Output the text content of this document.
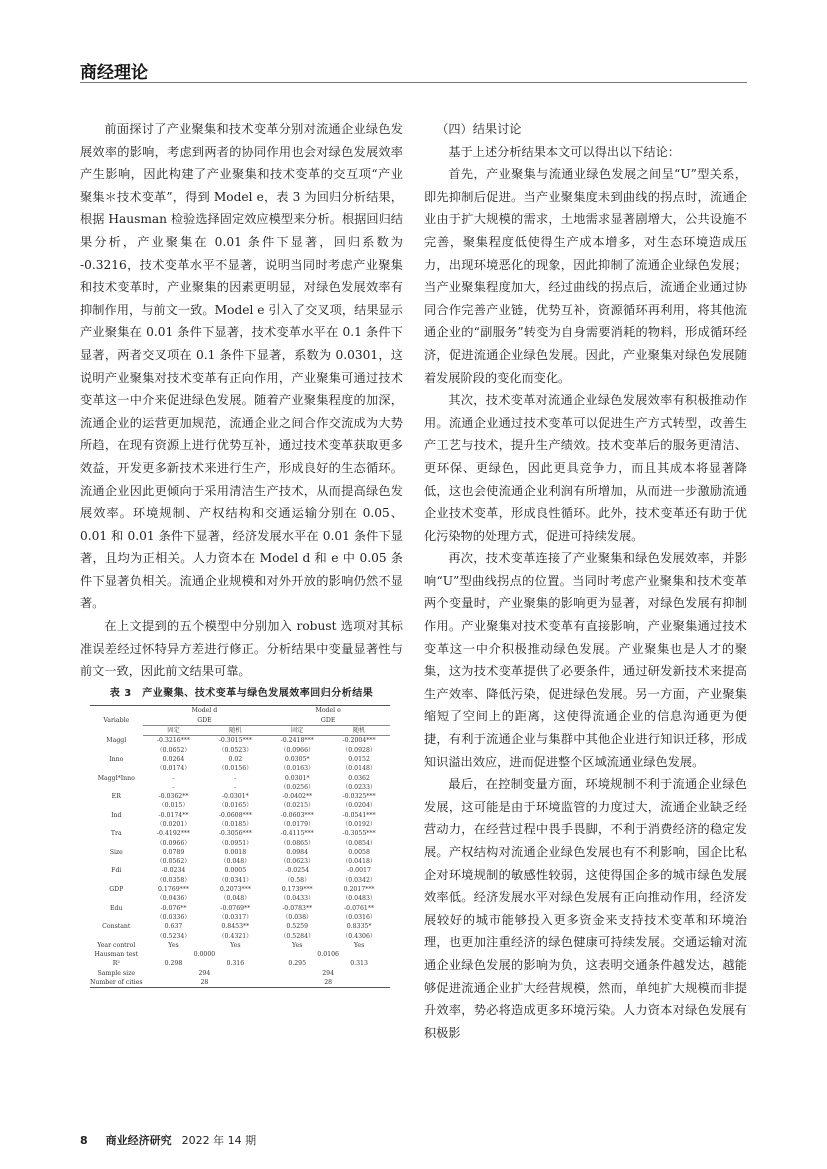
商经理论

前面探讨了产业聚集和技术变革分别对流通企业绿色发展效率的影响，考虑到两者的协同作用也会对绿色发展效率产生影响，因此构建了产业聚集和技术变革的交互项“产业聚集＊技术变革”，得到 Model e，表 3 为回归分析结果，根据 Hausman 检验选择固定效应模型来分析。根据回归结果分析，产业聚集在 0.01 条件下显著，回归系数为 -0.3216，技术变革水平不显著，说明当同时考虑产业聚集和技术变革时，产业聚集的因素更明显，对绿色发展效率有抑制作用，与前文一致。Model e 引入了交叉项，结果显示产业聚集在 0.01 条件下显著，技术变革水平在 0.1 条件下显著，两者交叉项在 0.1 条件下显著，系数为 0.0301，这说明产业聚集对技术变革有正向作用，产业聚集可通过技术变革这一中介来促进绿色发展。随着产业聚集程度的加深，流通企业的运营更加规范，流通企业之间合作交流成为大势所趋，在现有资源上进行优势互补，通过技术变革获取更多效益，开发更多新技术来进行生产，形成良好的生态循环。流通企业因此更倾向于采用清洁生产技术，从而提高绿色发展效率。环境规制、产权结构和交通运输分别在 0.05、0.01 和 0.01 条件下显著，经济发展水平在 0.01 条件下显著，且均为正相关。人力资本在 Model d 和 e 中 0.05 条件下显著负相关。流通企业规模和对外开放的影响仍然不显著。

在上文提到的五个模型中分别加入 robust 选项对其标准误差经过怀特异方差进行修正。分析结果中变量显著性与前文一致，因此前文结果可靠。

表 3　产业聚集、技术变革与绿色发展效率回归分析结果

Variable	Model d		Model e	
	GDE		GDE	
	固定	随机	固定	随机
Maggl	-0.3216***	-0.3015***	-0.2418***	-0.2004***
	（0.0652）	（0.0523）	（0.0966）	（0.0928）
Inno	0.0264	0.02	0.0305*	0.0152
	（0.0174）	（0.0156）	（0.0163）	（0.0148）
Maggl*Inno	-	-	0.0301*	0.0362
	-	-	（0.0256）	（0.0233）
ER	-0.0362**	-0.0301*	-0.0402**	-0.0325***
	（0.015）	（0.0165）	（0.0215）	（0.0204）
Ind	-0.0174**	-0.0608***	-0.0603***	-0.0541***
	（0.0201）	（0.0185）	（0.0179）	（0.0192）
Tra	-0.4192***	-0.3056***	-0.4115***	-0.3055***
	（0.0966）	（0.0951）	（0.0865）	（0.0854）
Size	0.0789	0.0018	0.0984	0.0058
	（0.0562）	（0.048）	（0.0623）	（0.0418）
Fdi	-0.0234	0.0005	-0.0254	-0.0017
	（0.0358）	（0.0341）	（0.58）	（0.0342）
GDP	0.1769***	0.2073***	0.1739***	0.2017***
	（0.0436）	（0.048）	（0.0433）	（0.0483）
Edu	-0.076**	-0.0769**	-0.0783**	-0.0761**
	（0.0336）	（0.0317）	（0.038）	（0.0316）
Constant	0.637	0.8453**	0.5259	0.8335*
	（0.5234）	（0.4321）	（0.5284）	（0.4306）
Year control	Yes	Yes	Yes	Yes
Hausman test	0.0000		0.0106	
R²	0.298	0.316	0.295	0.313
Sample size	294		294	
Number of cities	28		28	

（四）结果讨论

基于上述分析结果本文可以得出以下结论：

首先，产业聚集与流通业绿色发展之间呈“U”型关系，即先抑制后促进。当产业聚集度未到曲线的拐点时，流通企业由于扩大规模的需求，土地需求显著剧增大，公共设施不完善，聚集程度低使得生产成本增多，对生态环境造成压力，出现环境恶化的现象，因此抑制了流通企业绿色发展；当产业聚集程度加大，经过曲线的拐点后，流通企业通过协同合作完善产业链，优势互补，资源循环再利用，将其他流通企业的“副服务”转变为自身需要消耗的物料，形成循环经济，促进流通企业绿色发展。因此，产业聚集对绿色发展随着发展阶段的变化而变化。

其次，技术变革对流通企业绿色发展效率有积极推动作用。流通企业通过技术变革可以促进生产方式转型，改善生产工艺与技术，提升生产绩效。技术变革后的服务更清洁、更环保、更绿色，因此更具竞争力，而且其成本将显著降低，这也会使流通企业利润有所增加，从而进一步激励流通企业技术变革，形成良性循环。此外，技术变革还有助于优化污染物的处理方式，促进可持续发展。

再次，技术变革连接了产业聚集和绿色发展效率，并影响“U”型曲线拐点的位置。当同时考虑产业聚集和技术变革两个变量时，产业聚集的影响更为显著，对绿色发展有抑制作用。产业聚集对技术变革有直接影响，产业聚集通过技术变革这一中介积极推动绿色发展。产业聚集也是人才的聚集，这为技术变革提供了必要条件，通过研发新技术来提高生产效率、降低污染，促进绿色发展。另一方面，产业聚集缩短了空间上的距离，这使得流通企业的信息沟通更为便捷，有利于流通企业与集群中其他企业进行知识迁移，形成知识溢出效应，进而促进整个区域流通业绿色发展。

最后，在控制变量方面，环境规制不利于流通企业绿色发展，这可能是由于环境监管的力度过大，流通企业缺乏经营动力，在经营过程中畏手畏脚，不利于消费经济的稳定发展。产权结构对流通企业绿色发展也有不利影响，国企比私企对环境规制的敏感性较弱，这使得国企多的城市绿色发展效率低。经济发展水平对绿色发展有正向推动作用，经济发展较好的城市能够投入更多资金来支持技术变革和环境治理，也更加注重经济的绿色健康可持续发展。交通运输对流通企业绿色发展的影响为负，这表明交通条件越发达，越能够促进流通企业扩大经营规模，然而，单纯扩大规模而非提升效率，势必将造成更多环境污染。人力资本对绿色发展有积极影

8 商业经济研究 2022 年 14 期
